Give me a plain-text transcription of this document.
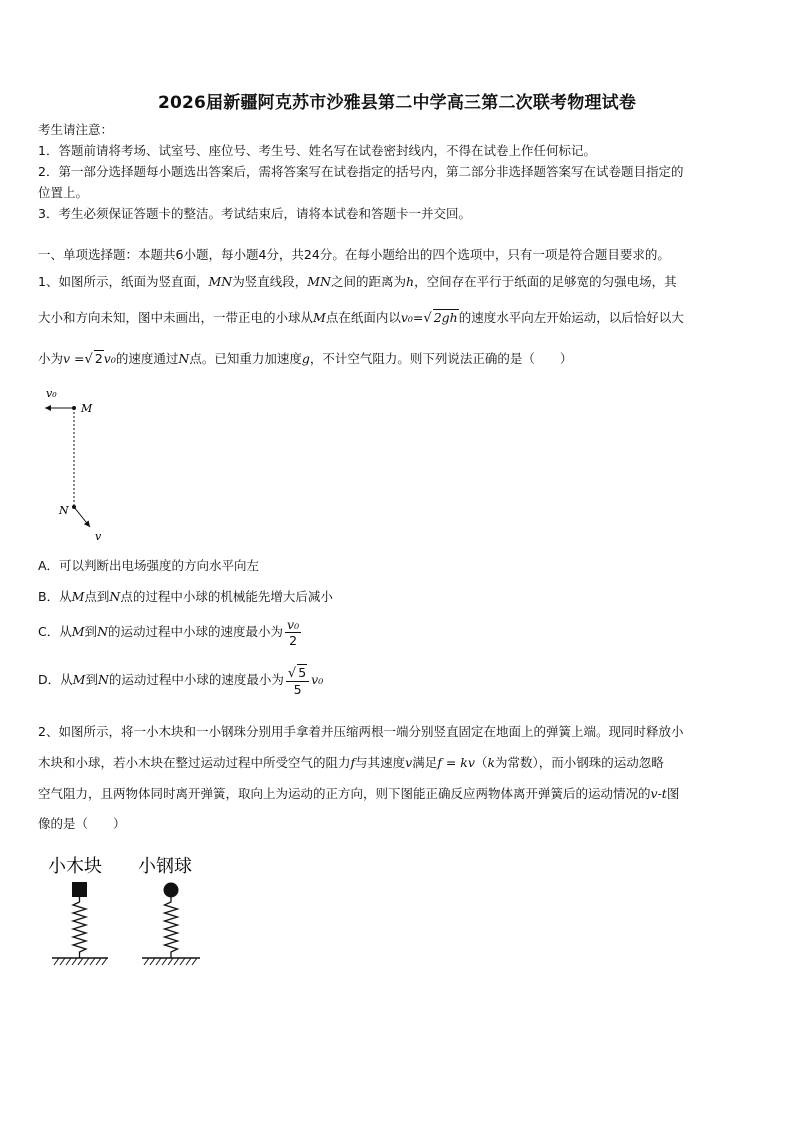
2026届新疆阿克苏市沙雅县第二中学高三第二次联考物理试卷
考生请注意：
1．答题前请将考场、试室号、座位号、考生号、姓名写在试卷密封线内，不得在试卷上作任何标记。
2．第一部分选择题每小题选出答案后，需将答案写在试卷指定的括号内，第二部分非选择题答案写在试卷题目指定的
位置上。
3．考生必须保证答题卡的整洁。考试结束后，请将本试卷和答题卡一并交回。
一、单项选择题：本题共6小题，每小题4分，共24分。在每小题给出的四个选项中，只有一项是符合题目要求的。
1、如图所示，纸面为竖直面，MN为竖直线段，MN之间的距离为h，空间存在平行于纸面的足够宽的匀强电场，其
大小和方向未知，图中未画出，一带正电的小球从M点在纸面内以v₀=√ 2gh的速度水平向左开始运动，以后恰好以大
小为v =√ 2v₀的速度通过N点。已知重力加速度g，不计空气阻力。则下列说法正确的是（　　）
v₀
M
N
v
A．可以判断出电场强度的方向水平向左
B．从M点到N点的过程中小球的机械能先增大后减小
C．从M到N的运动过程中小球的速度最小为 $\frac{\text{v₀}}{2}$
D．从M到N的运动过程中小球的速度最小为 $\frac{√ 5}{5} v_0$
2、如图所示，将一小木块和一小钢珠分别用手拿着并压缩两根一端分别竖直固定在地面上的弹簧上端。现同时释放小
木块和小球，若小木块在整过运动过程中所受空气的阻力f与其速度v满足f = kv（k为常数），而小钢珠的运动忽略
空气阻力，且两物体同时离开弹簧，取向上为运动的正方向，则下图能正确反应两物体离开弹簧后的运动情况的v-t图
像的是（　　）
小木块 小钢球
